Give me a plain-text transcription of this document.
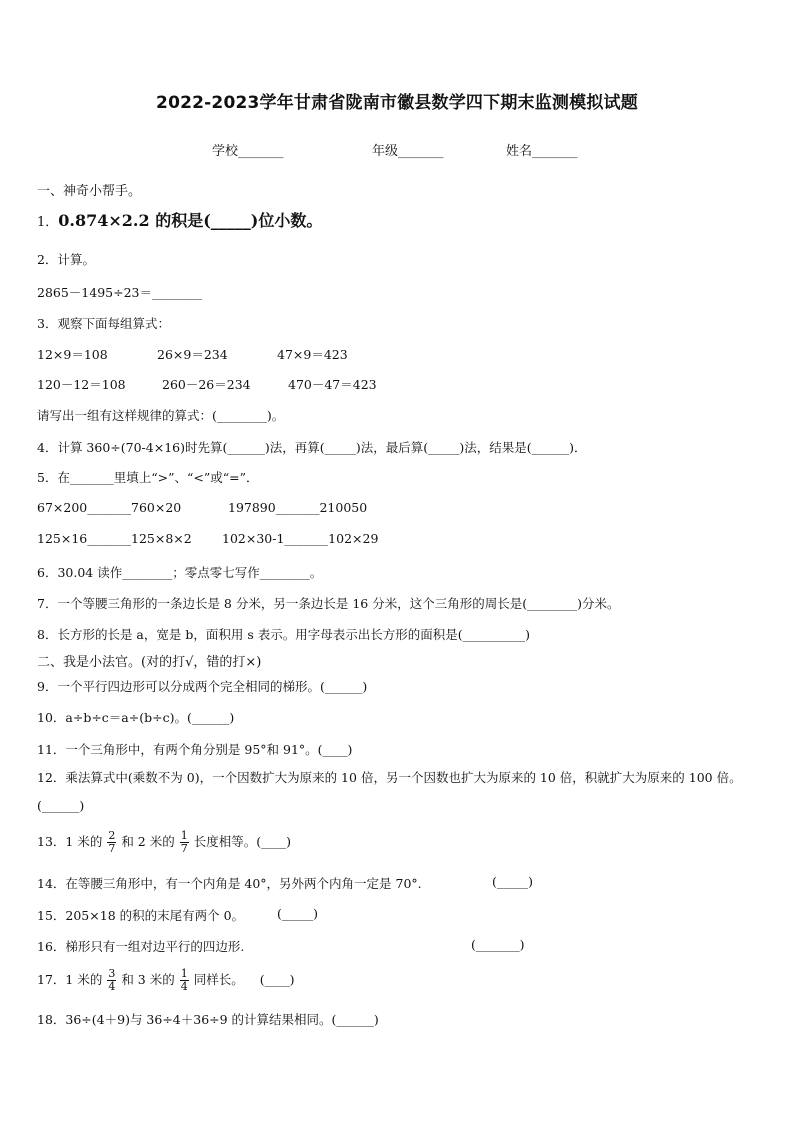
2022-2023学年甘肃省陇南市徽县数学四下期末监测模拟试题
学校_______	年级_______	姓名_______
一、神奇小帮手。
1．0.874×2.2 的积是(_____)位小数。
2．计算。
2865－1495÷23＝________
3．观察下面每组算式：
12×9＝108	26×9＝234	47×9＝423
120－12＝108	260－26＝234	470－47＝423
请写出一组有这样规律的算式：(________)。
4．计算 360÷(70-4×16)时先算(______)法，再算(_____)法，最后算(_____)法，结果是(______)．
5．在_______里填上“>”、“<”或“=”．
67×200_______760×20	197890_______210050
125×16_______125×8×2 102×30-1_______102×29
6．30.04 读作________；零点零七写作________。
7．一个等腰三角形的一条边长是 8 分米，另一条边长是 16 分米，这个三角形的周长是(________)分米。
8．长方形的长是 a，宽是 b，面积用 s 表示。用字母表示出长方形的面积是(__________)
二、我是小法官。(对的打√，错的打×)
9．一个平行四边形可以分成两个完全相同的梯形。(______)
10．a÷b÷c＝a÷(b÷c)。(______)
11．一个三角形中，有两个角分别是 95°和 91°。(____)
12．乘法算式中(乘数不为 0)，一个因数扩大为原来的 10 倍，另一个因数也扩大为原来的 10 倍，积就扩大为原来的 100 倍。(______)
13．1 米的 $\frac{2}{7}$ 和 2 米的 $\frac{1}{7}$ 长度相等。(____)
14．在等腰三角形中，有一个内角是 40°，另外两个内角一定是 70°.	(_____)
15．205×18 的积的末尾有两个 0。	(_____)
16．梯形只有一组对边平行的四边形.	(_______)
17．1 米的 $\frac{3}{4}$ 和 3 米的 $\frac{1}{4}$ 同样长。 (____)
18．36÷(4＋9)与 36÷4＋36÷9 的计算结果相同。(______)
